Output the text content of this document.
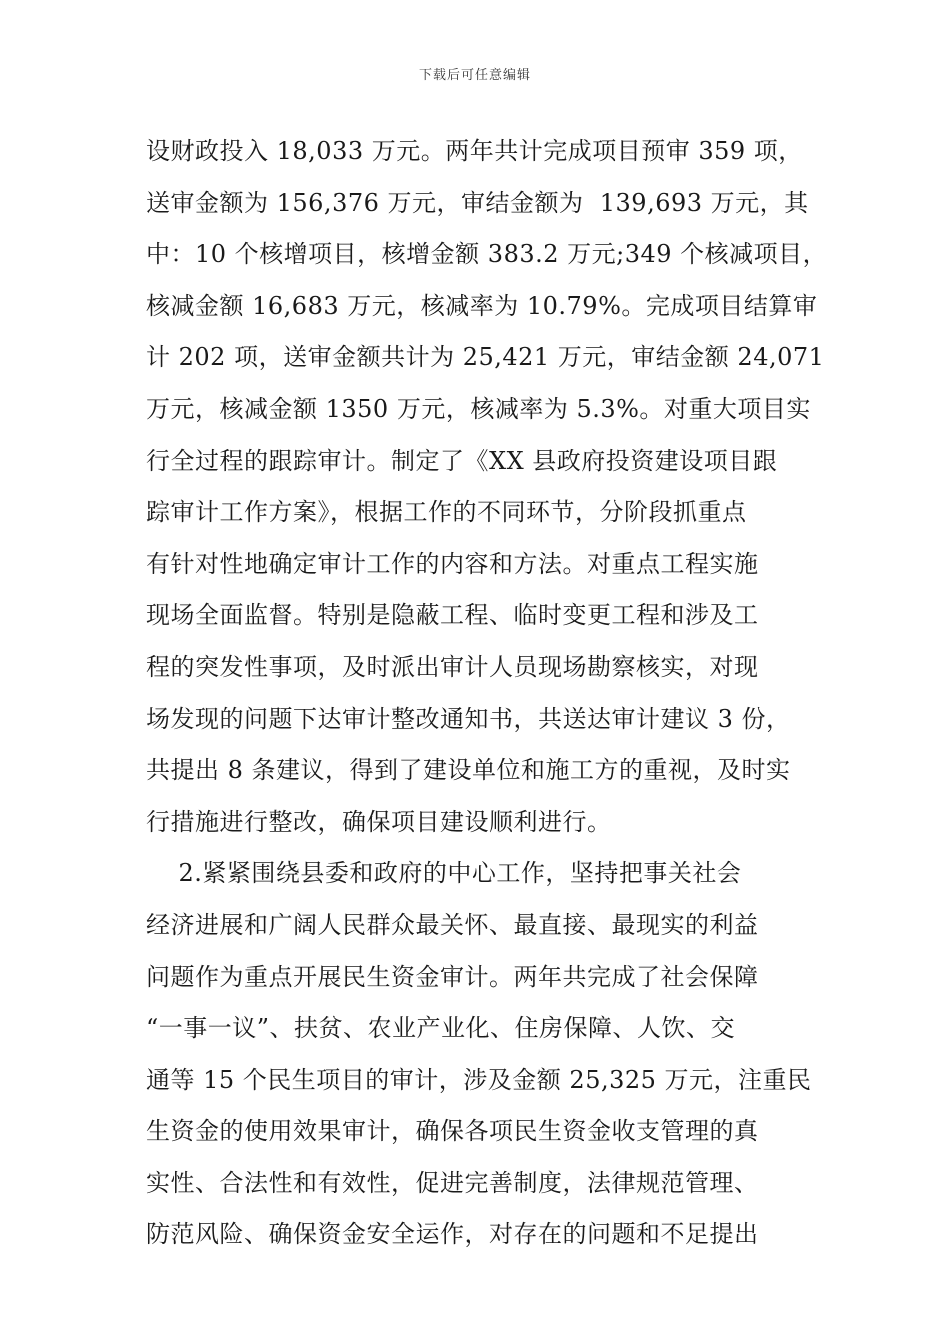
下载后可任意编辑
设财政投入 18,033 万元。两年共计完成项目预审 359 项，
送审金额为 156,376 万元，审结金额为  139,693 万元，其
中：10 个核增项目，核增金额 383.2 万元;349 个核减项目，
核减金额 16,683 万元，核减率为 10.79%。完成项目结算审
计 202 项，送审金额共计为 25,421 万元，审结金额 24,071
万元，核减金额 1350 万元，核减率为 5.3%。对重大项目实
行全过程的跟踪审计。制定了《XX 县政府投资建设项目跟
踪审计工作方案》，根据工作的不同环节，分阶段抓重点
有针对性地确定审计工作的内容和方法。对重点工程实施
现场全面监督。特别是隐蔽工程、临时变更工程和涉及工
程的突发性事项，及时派出审计人员现场勘察核实，对现
场发现的问题下达审计整改通知书，共送达审计建议 3 份，
共提出 8 条建议，得到了建设单位和施工方的重视，及时实
行措施进行整改，确保项目建设顺利进行。
2.紧紧围绕县委和政府的中心工作，坚持把事关社会
经济进展和广阔人民群众最关怀、最直接、最现实的利益
问题作为重点开展民生资金审计。两年共完成了社会保障
“一事一议”、扶贫、农业产业化、住房保障、人饮、交
通等 15 个民生项目的审计，涉及金额 25,325 万元，注重民
生资金的使用效果审计，确保各项民生资金收支管理的真
实性、合法性和有效性，促进完善制度，法律规范管理、
防范风险、确保资金安全运作，对存在的问题和不足提出
